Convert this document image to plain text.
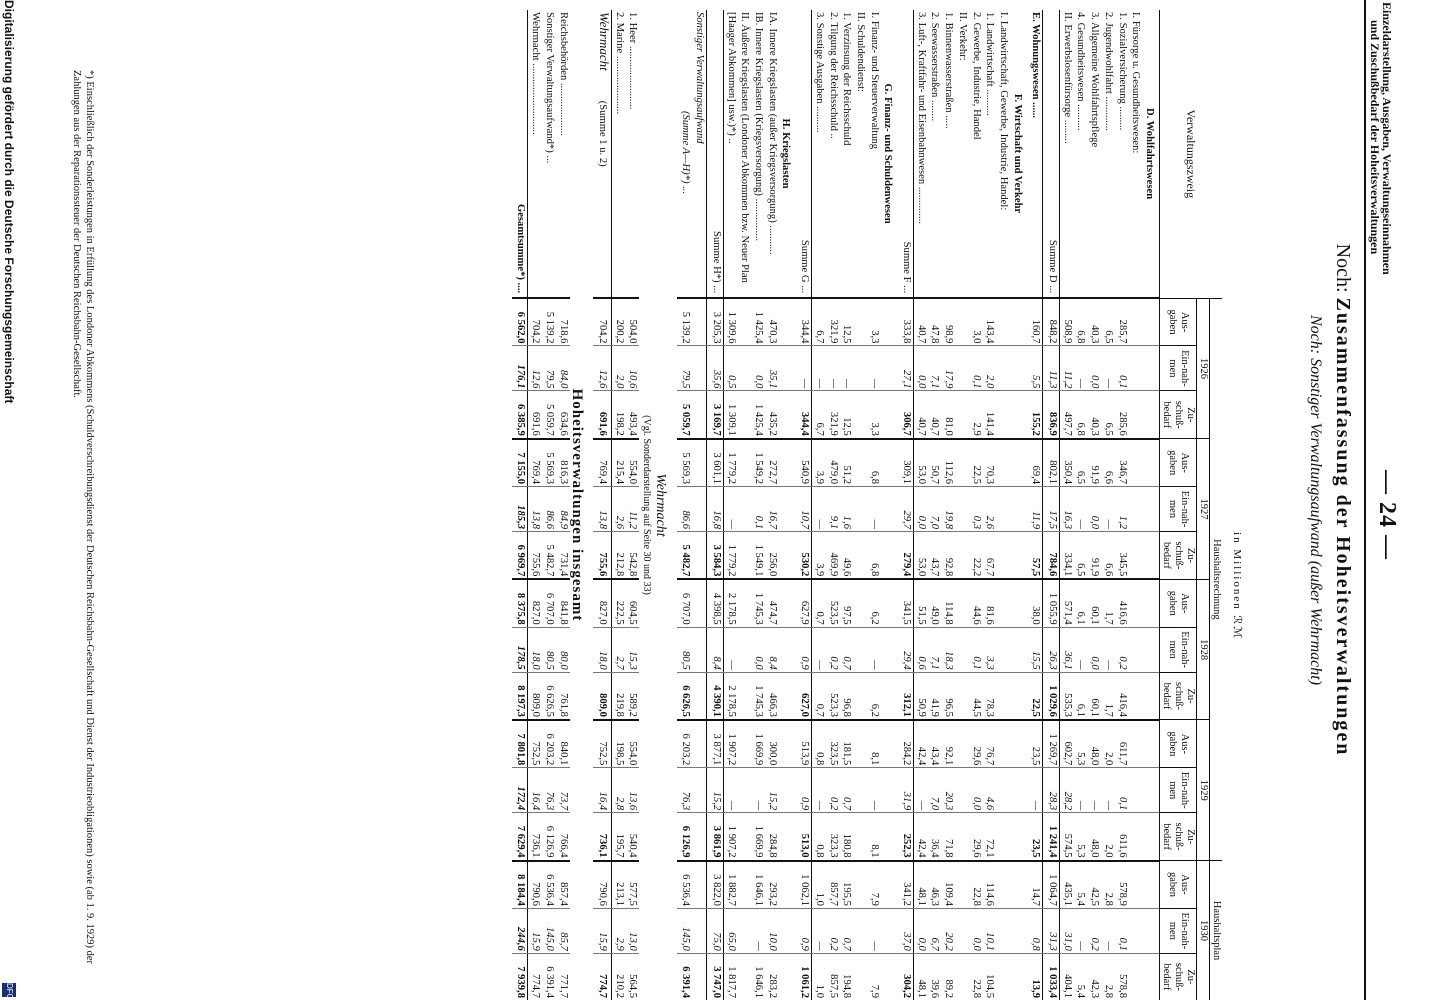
Einzeldarstellung, Ausgaben, Verwaltungseinnahmen
und Zuschußbedarf der Hoheitsverwaltungen
— 24 —
Noch: Zusammenfassung der Hoheitsverwaltungen
Noch: Sonstiger Verwaltungsaufwand (außer Wehrmacht)
in Millionen ℛℳ
Verwaltungszweig	Haushaltsrechnung												Haushaltsplan		
	1926			1927			1928			1929			1930		
	Aus-gaben	Ein-nah-men	Zu-schuß-bedarf	Aus-gaben	Ein-nah-men	Zu-schuß-bedarf	Aus-gaben	Ein-nah-men	Zu-schuß-bedarf	Aus-gaben	Ein-nah-men	Zu-schuß-bedarf	Aus-gaben	Ein-nah-men	Zu-schuß-bedarf
D. Wohlfahrtswesen															
I. Fürsorge u. Gesundheitswesen:															
1. Sozialversicherung .........	285,7	0,1	285,6	346,7	1,2	345,5	416,6	0,2	416,4	611,7	0,1	611,6	578,9	0,1	578,8
2. Jugendwohlfahrt .............	6,5	—	6,5	6,6	—	6,6	1,7	—	1,7	2,0	—	2,0	2,8	—	2,8
3. Allgemeine Wohlfahrtspflege	40,3	0,0	40,3	91,9	0,0	91,9	60,1	0,0	60,1	48,0	—	48,0	42,5	0,2	42,3
4. Gesundheitswesen ..........	6,8	—	6,8	6,5	—	6,5	6,1	—	6,1	5,3	—	5,3	5,4	—	5,4
II. Erwerbslosenfürsorge .........	508,9	11,2	497,7	350,4	16,3	334,1	571,4	36,1	535,3	602,7	28,2	574,5	435,1	31,0	404,1
Summe D ...	848,2	11,3	836,9	802,1	17,5	784,6	1 055,9	26,3	1 029,6	1 269,7	28,3	1 241,4	1 064,7	31,3	1 033,4
E. Wohnungswesen ......	160,7	5,5	155,2	69,4	11,9	57,5	38,0	15,5	22,5	23,5	—	23,5	14,7	0,8	13,9
F. Wirtschaft und Verkehr															
I. Landwirtschaft, Gewerbe, Industrie, Handel:															
1. Landwirtschaft ..........	143,4	2,0	141,4	70,3	2,6	67,7	81,6	3,3	78,3	76,7	4,6	72,1	114,6	10,1	104,5
2. Gewerbe, Industrie, Handel	3,0	0,1	2,9	22,5	0,3	22,2	44,6	0,1	44,5	29,6	0,0	29,6	22,8	0,0	22,8
II. Verkehr:															
1. Binnenwasserstraßen .....	98,9	17,9	81,0	112,6	19,8	92,8	114,8	18,3	96,5	92,1	20,3	71,8	109,4	20,2	89,2
2. Seewasserstraßen ........	47,8	7,1	40,7	50,7	7,0	43,7	49,0	7,1	41,9	43,4	7,0	36,4	46,3	6,7	39,6
3. Luft-, Kraftfahr- und Eisenbahnwesen ..............	40,7	0,0	40,7	53,0	0,0	53,0	51,5	0,6	50,9	42,4	—	42,4	48,1	0,0	48,1
Summe F ...	333,8	27,1	306,7	309,1	29,7	279,4	341,5	29,4	312,1	284,2	31,9	252,3	341,2	37,0	304,2
G. Finanz- und Schuldenwesen															
I. Finanz- und Steuerverwaltung	3,3	—	3,3	6,8	—	6,8	6,2	—	6,2	8,1	—	8,1	7,9	—	7,9
II. Schuldendienst:															
1. Verzinsung der Reichsschuld	12,5	—	12,5	51,2	1,6	49,6	97,5	0,7	96,8	181,5	0,7	180,8	195,5	0,7	194,8
2. Tilgung der Reichsschuld ..	321,9	—	321,9	479,0	9,1	469,9	523,5	0,2	523,3	323,5	0,2	323,3	857,7	0,2	857,5
3. Sonstige Ausgaben ..........	6,7	—	6,7	3,9	—	3,9	0,7	—	0,7	0,8	—	0,8	1,0	—	1,0
Summe G ...	344,4	—	344,4	540,9	10,7	530,2	627,9	0,9	627,0	513,9	0,9	513,0	1 062,1	0,9	1 061,2
H. Kriegslasten															
IA. Innere Kriegslasten (außer Kriegsversorgung) ...........	470,3	35,1	435,2	272,7	16,7	256,0	474,7	8,4	466,3	300,0	15,2	284,8	293,2	10,0	283,2
IB. Innere Kriegslasten (Kriegsversorgung) ................	1 425,4	0,0	1 425,4	1 549,2	0,1	1 549,1	1 745,3	0,0	1 745,3	1 669,9	—	1 669,9	1 646,1	—	1 646,1
II. Äußere Kriegslasten (Londoner Abkommen bzw. Neuer Plan [Haager Abkommen] usw.)*) ..	1 309,6	0,5	1 309,1	1 779,2	—	1 779,2	2 178,5	—	2 178,5	1 907,2	—	1 907,2	1 882,7	65,0	1 817,7
Summe H*) ...	3 205,3	35,6	3 169,7	3 601,1	16,8	3 584,3	4 398,5	8,4	4 390,1	3 877,1	15,2	3 861,9	3 822,0	75,0	3 747,0

Sonstiger Verwaltungsaufwand
(Summe A—H)*) ...	5 139,2	79,5	5 059,7	5 569,3	86,6	5 482,7	6 707,0	80,5	6 626,5	6 203,2	76,3	6 126,9	6 536,4	145,0	6 391,4

Wehrmacht
(Vgl. Sonderdarstellung auf Seite 30 und 33)															

1. Heer ........................	504,0	10,6	493,4	554,0	11,2	542,8	604,5	15,3	589,2	554,0	13,6	540,4	577,5	13,0	564,5
2. Marine ......................	200,2	2,0	198,2	215,4	2,6	212,8	222,5	2,7	219,8	198,5	2,8	195,7	213,1	2,9	210,2
Wehrmacht(Summe 1 u. 2)	704,2	12,6	691,6	769,4	13,8	755,6	827,0	18,0	809,0	752,5	16,4	736,1	790,6	15,9	774,7

Hoheitsverwaltungen insgesamt															

Reichsbehörden ....................	718,6	84,0	634,6	816,3	84,9	731,4	841,8	80,0	761,8	840,1	73,7	766,4	857,4	85,7	771,7
Sonstiger Verwaltungsaufwand*) ...	5 139,2	79,5	5 059,7	5 569,3	86,6	5 482,7	6 707,0	80,5	6 626,5	6 203,2	76,3	6 126,9	6 536,4	145,0	6 391,4
Wehrmacht ...........................	704,2	12,6	691,6	769,4	13,8	755,6	827,0	18,0	809,0	752,5	16,4	736,1	790,6	15,9	774,7
Gesamtsumme*) ....	6 562,0	176,1	6 385,9	7 155,0	185,3	6 969,7	8 375,8	178,5	8 197,3	7 801,8	172,4	7 629,4	8 184,4	244,6	7 939,8
*) Einschließlich der Sonderleistungen in Erfüllung des Londoner Abkommens (Schuldverschreibungsdienst der Deutschen Reichsbahn-Gesellschaft und Dienst der Industrieobligationen) sowie (ab 1. 9. 1929) der Zahlungen aus der Reparationssteuer der Deutschen Reichsbahn-Gesellschaft.
Digitalisierung gefördert durch die Deutsche Forschungsgemeinschaft
DFG
